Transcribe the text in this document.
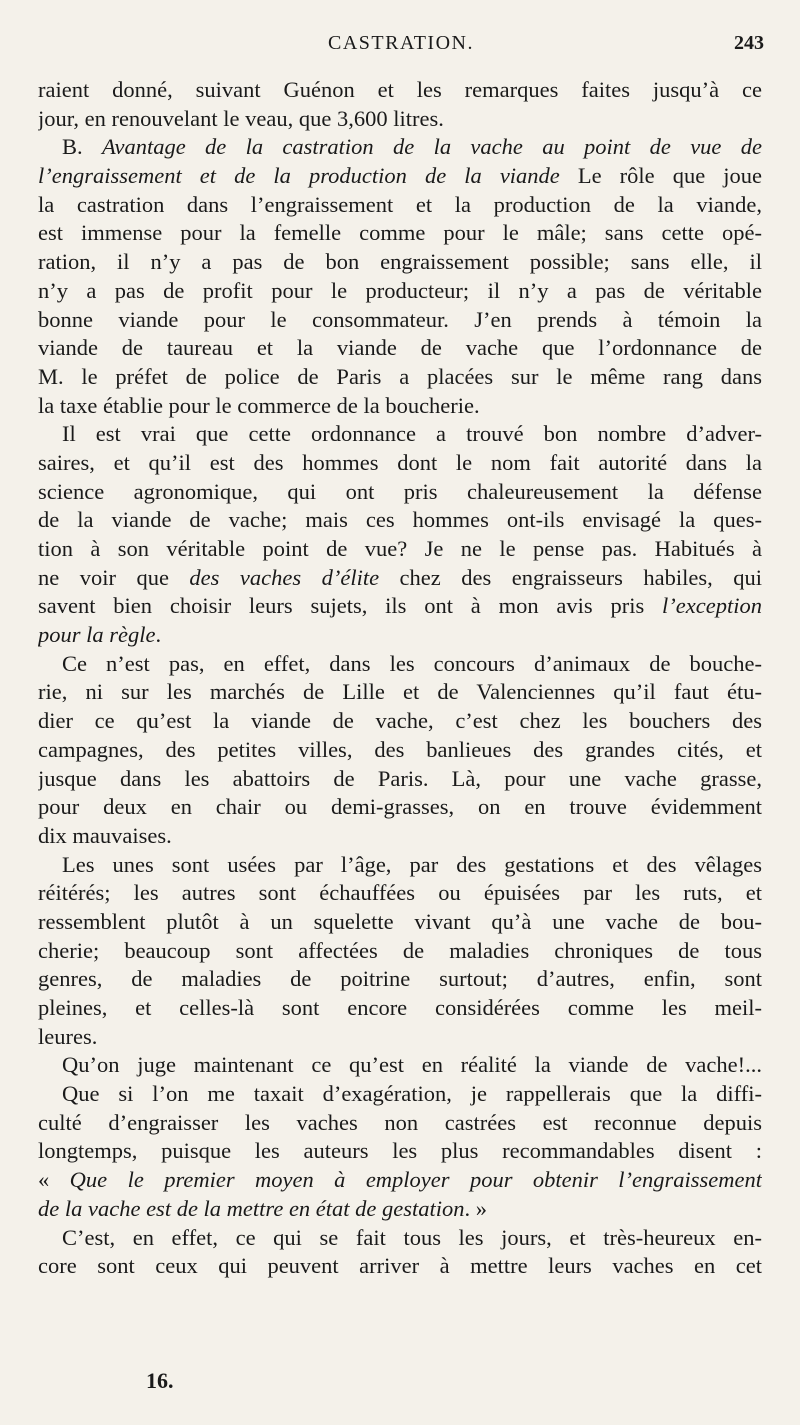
CASTRATION.	243
raient donné, suivant Guénon et les remarques faites jusqu’à ce
jour, en renouvelant le veau, que 3,600 litres.
B. Avantage de la castration de la vache au point de vue de
l’engraissement et de la production de la viande Le rôle que joue
la castration dans l’engraissement et la production de la viande,
est immense pour la femelle comme pour le mâle; sans cette opé-
ration, il n’y a pas de bon engraissement possible; sans elle, il
n’y a pas de profit pour le producteur; il n’y a pas de véritable
bonne viande pour le consommateur. J’en prends à témoin la
viande de taureau et la viande de vache que l’ordonnance de
M. le préfet de police de Paris a placées sur le même rang dans
la taxe établie pour le commerce de la boucherie.
Il est vrai que cette ordonnance a trouvé bon nombre d’adver-
saires, et qu’il est des hommes dont le nom fait autorité dans la
science agronomique, qui ont pris chaleureusement la défense
de la viande de vache; mais ces hommes ont-ils envisagé la ques-
tion à son véritable point de vue? Je ne le pense pas. Habitués à
ne voir que des vaches d’élite chez des engraisseurs habiles, qui
savent bien choisir leurs sujets, ils ont à mon avis pris l’exception
pour la règle.
Ce n’est pas, en effet, dans les concours d’animaux de bouche-
rie, ni sur les marchés de Lille et de Valenciennes qu’il faut étu-
dier ce qu’est la viande de vache, c’est chez les bouchers des
campagnes, des petites villes, des banlieues des grandes cités, et
jusque dans les abattoirs de Paris. Là, pour une vache grasse,
pour deux en chair ou demi-grasses, on en trouve évidemment
dix mauvaises.
Les unes sont usées par l’âge, par des gestations et des vêlages
réitérés; les autres sont échauffées ou épuisées par les ruts, et
ressemblent plutôt à un squelette vivant qu’à une vache de bou-
cherie; beaucoup sont affectées de maladies chroniques de tous
genres, de maladies de poitrine surtout; d’autres, enfin, sont
pleines, et celles-là sont encore considérées comme les meil-
leures.
Qu’on juge maintenant ce qu’est en réalité la viande de vache!...
Que si l’on me taxait d’exagération, je rappellerais que la diffi-
culté d’engraisser les vaches non castrées est reconnue depuis
longtemps, puisque les auteurs les plus recommandables disent :
« Que le premier moyen à employer pour obtenir l’engraissement
de la vache est de la mettre en état de gestation. »
C’est, en effet, ce qui se fait tous les jours, et très-heureux en-
core sont ceux qui peuvent arriver à mettre leurs vaches en cet
16.
